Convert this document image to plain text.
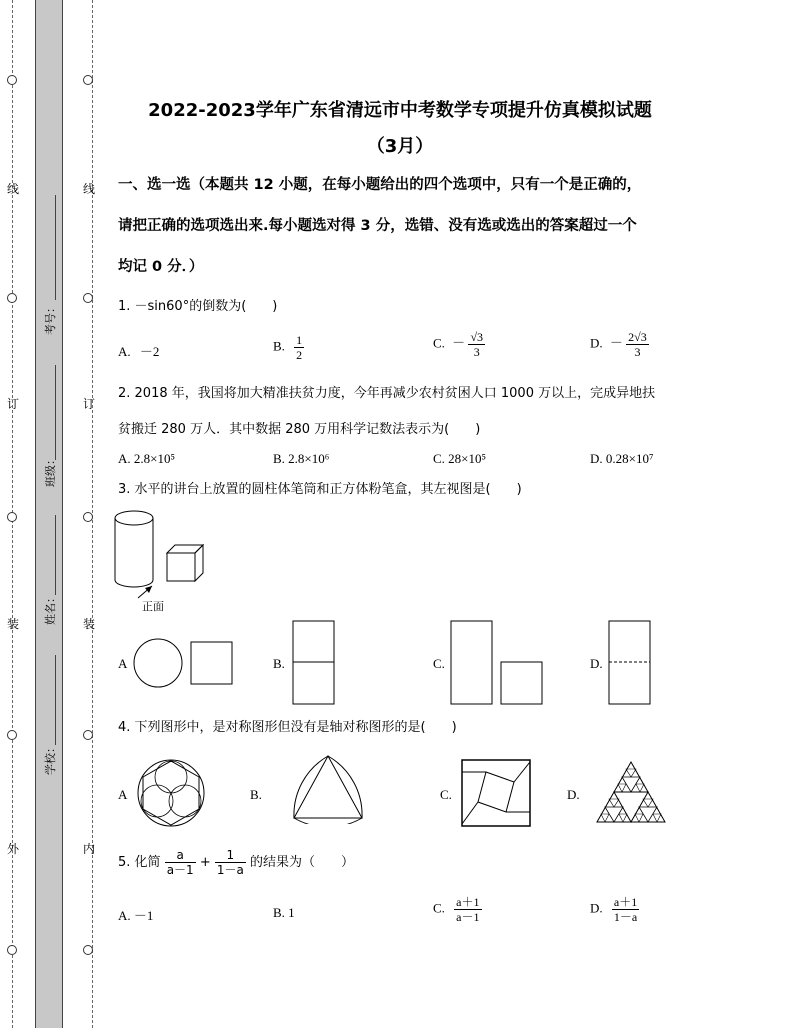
线
订
装
外
线
订
装
内
考号：
班级：
姓名：
学校：
2022-2023学年广东省清远市中考数学专项提升仿真模拟试题
（3月）
一、选一选（本题共 12 小题，在每小题给出的四个选项中，只有一个是正确的，
请把正确的选项选出来.每小题选对得 3 分，选错、没有选或选出的答案超过一个
均记 0 分．）
1. －sin60°的倒数为(　　)
A. －2	B. $\frac{1}{2}$	C. － $\frac{√3}{3}$	D. － $\frac{2√3}{3}$
2. 2018 年，我国将加大精准扶贫力度，今年再减少农村贫困人口 1000 万以上，完成异地扶
贫搬迁 280 万人．其中数据 280 万用科学记数法表示为(　　)
A. 2.8×10⁵	B. 2.8×10⁶	C. 28×10⁵	D. 0.28×10⁷
3. 水平的讲台上放置的圆柱体笔筒和正方体粉笔盒，其左视图是(　　)
正面
A	B.	C.	D.
4. 下列图形中，是对称图形但没有是轴对称图形的是(　　)
A	B.	C.	D.
5. 化简 $\frac{a}{a-1} + \frac{1}{1-a}$ 的结果为（　　）
A. －1	B. 1	C. $\frac{a+1}{a-1}$	D. $\frac{a+1}{1-a}$
